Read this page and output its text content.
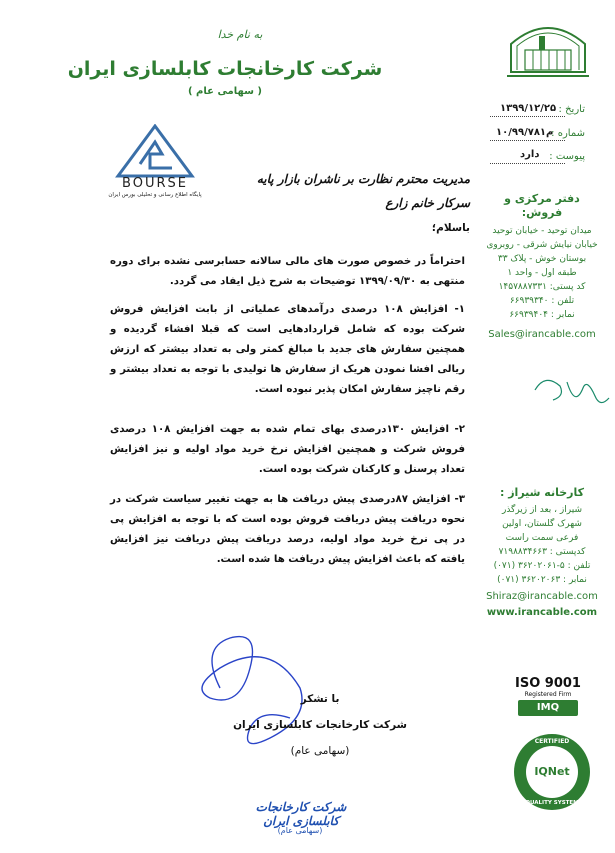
به نام خدا
شرکت کارخانجات کابلسازی ایران
( سهامی عام )
تاریخ :
۱۳۹۹/۱۲/۲۵
شماره :
۱۰/۹۹/۷۸۱م
پیوست :
دارد
دفتر مرکزی و فروش:
میدان توحید - خیابان توحید
خیابان نیایش شرقی - روبروی
بوستان خوش - پلاک ۳۳
طبقه اول - واحد ۱
کد پستی: ۱۴۵۷۸۸۷۳۳۱
تلفن : ۶۶۹۳۹۳۴۰
نمابر : ۶۶۹۳۹۴۰۴
Sales@irancable.com
کارخانه شیراز :
شیراز ، بعد از زیرگذر
شهرک گلستان، اولین
فرعی سمت راست
کدپستی : ۷۱۹۸۸۳۴۶۶۳
تلفن : ۵-۳۶۲۰۲۰۶۱ (۰۷۱)
نمابر : ۳۶۲۰۲۰۶۳ (۰۷۱)
Shiraz@irancable.com
www.irancable.com
ISO 9001
Registered Firm
IMQ
CERTIFIED
IQNet
QUALITY SYSTEM
BOURSE
پایگاه اطلاع رسانی و تحلیلی بورس ایران
مدیریت محترم نظارت بر ناشران بازار پایه
سرکار خانم زارع
باسلام؛
احتراماً در خصوص صورت های مالی سالانه حسابرسی نشده برای دوره منتهی به ۱۳۹۹/۰۹/۳۰ توضیحات به شرح ذیل ایفاد می گردد.
۱- افزایش ۱۰۸ درصدی درآمدهای عملیاتی از بابت افزایش فروش شرکت بوده که شامل قراردادهایی است که قبلا افشاء گردیده و همچنین سفارش های جدید با مبالغ کمتر ولی به تعداد بیشتر که ارزش ریالی افشا نمودن هریک از سفارش ها تولیدی با توجه به تعداد بیشتر و رقم ناچیز سفارش امکان پذیر نبوده است.
۲- افزایش ۱۳۰درصدی بهای تمام شده به جهت افزایش ۱۰۸ درصدی فروش شرکت و همچنین افزایش نرخ خرید مواد اولیه و نیز افزایش تعداد پرسنل و کارکنان شرکت بوده است.
۳- افزایش ۸۷درصدی پیش دریافت ها به جهت تغییر سیاست شرکت در نحوه دریافت پیش دریافت فروش بوده است که با توجه به افزایش پی در پی نرخ خرید مواد اولیه، درصد دریافت پیش دریافت نیز افزایش یافته که باعث افزایش پیش دریافت ها شده است.
با تشکر
شرکت کارخانجات کابلسازی ایران
(سهامی عام)
شرکت کارخانجات کابلسازی ایران
(سهامی عام)
